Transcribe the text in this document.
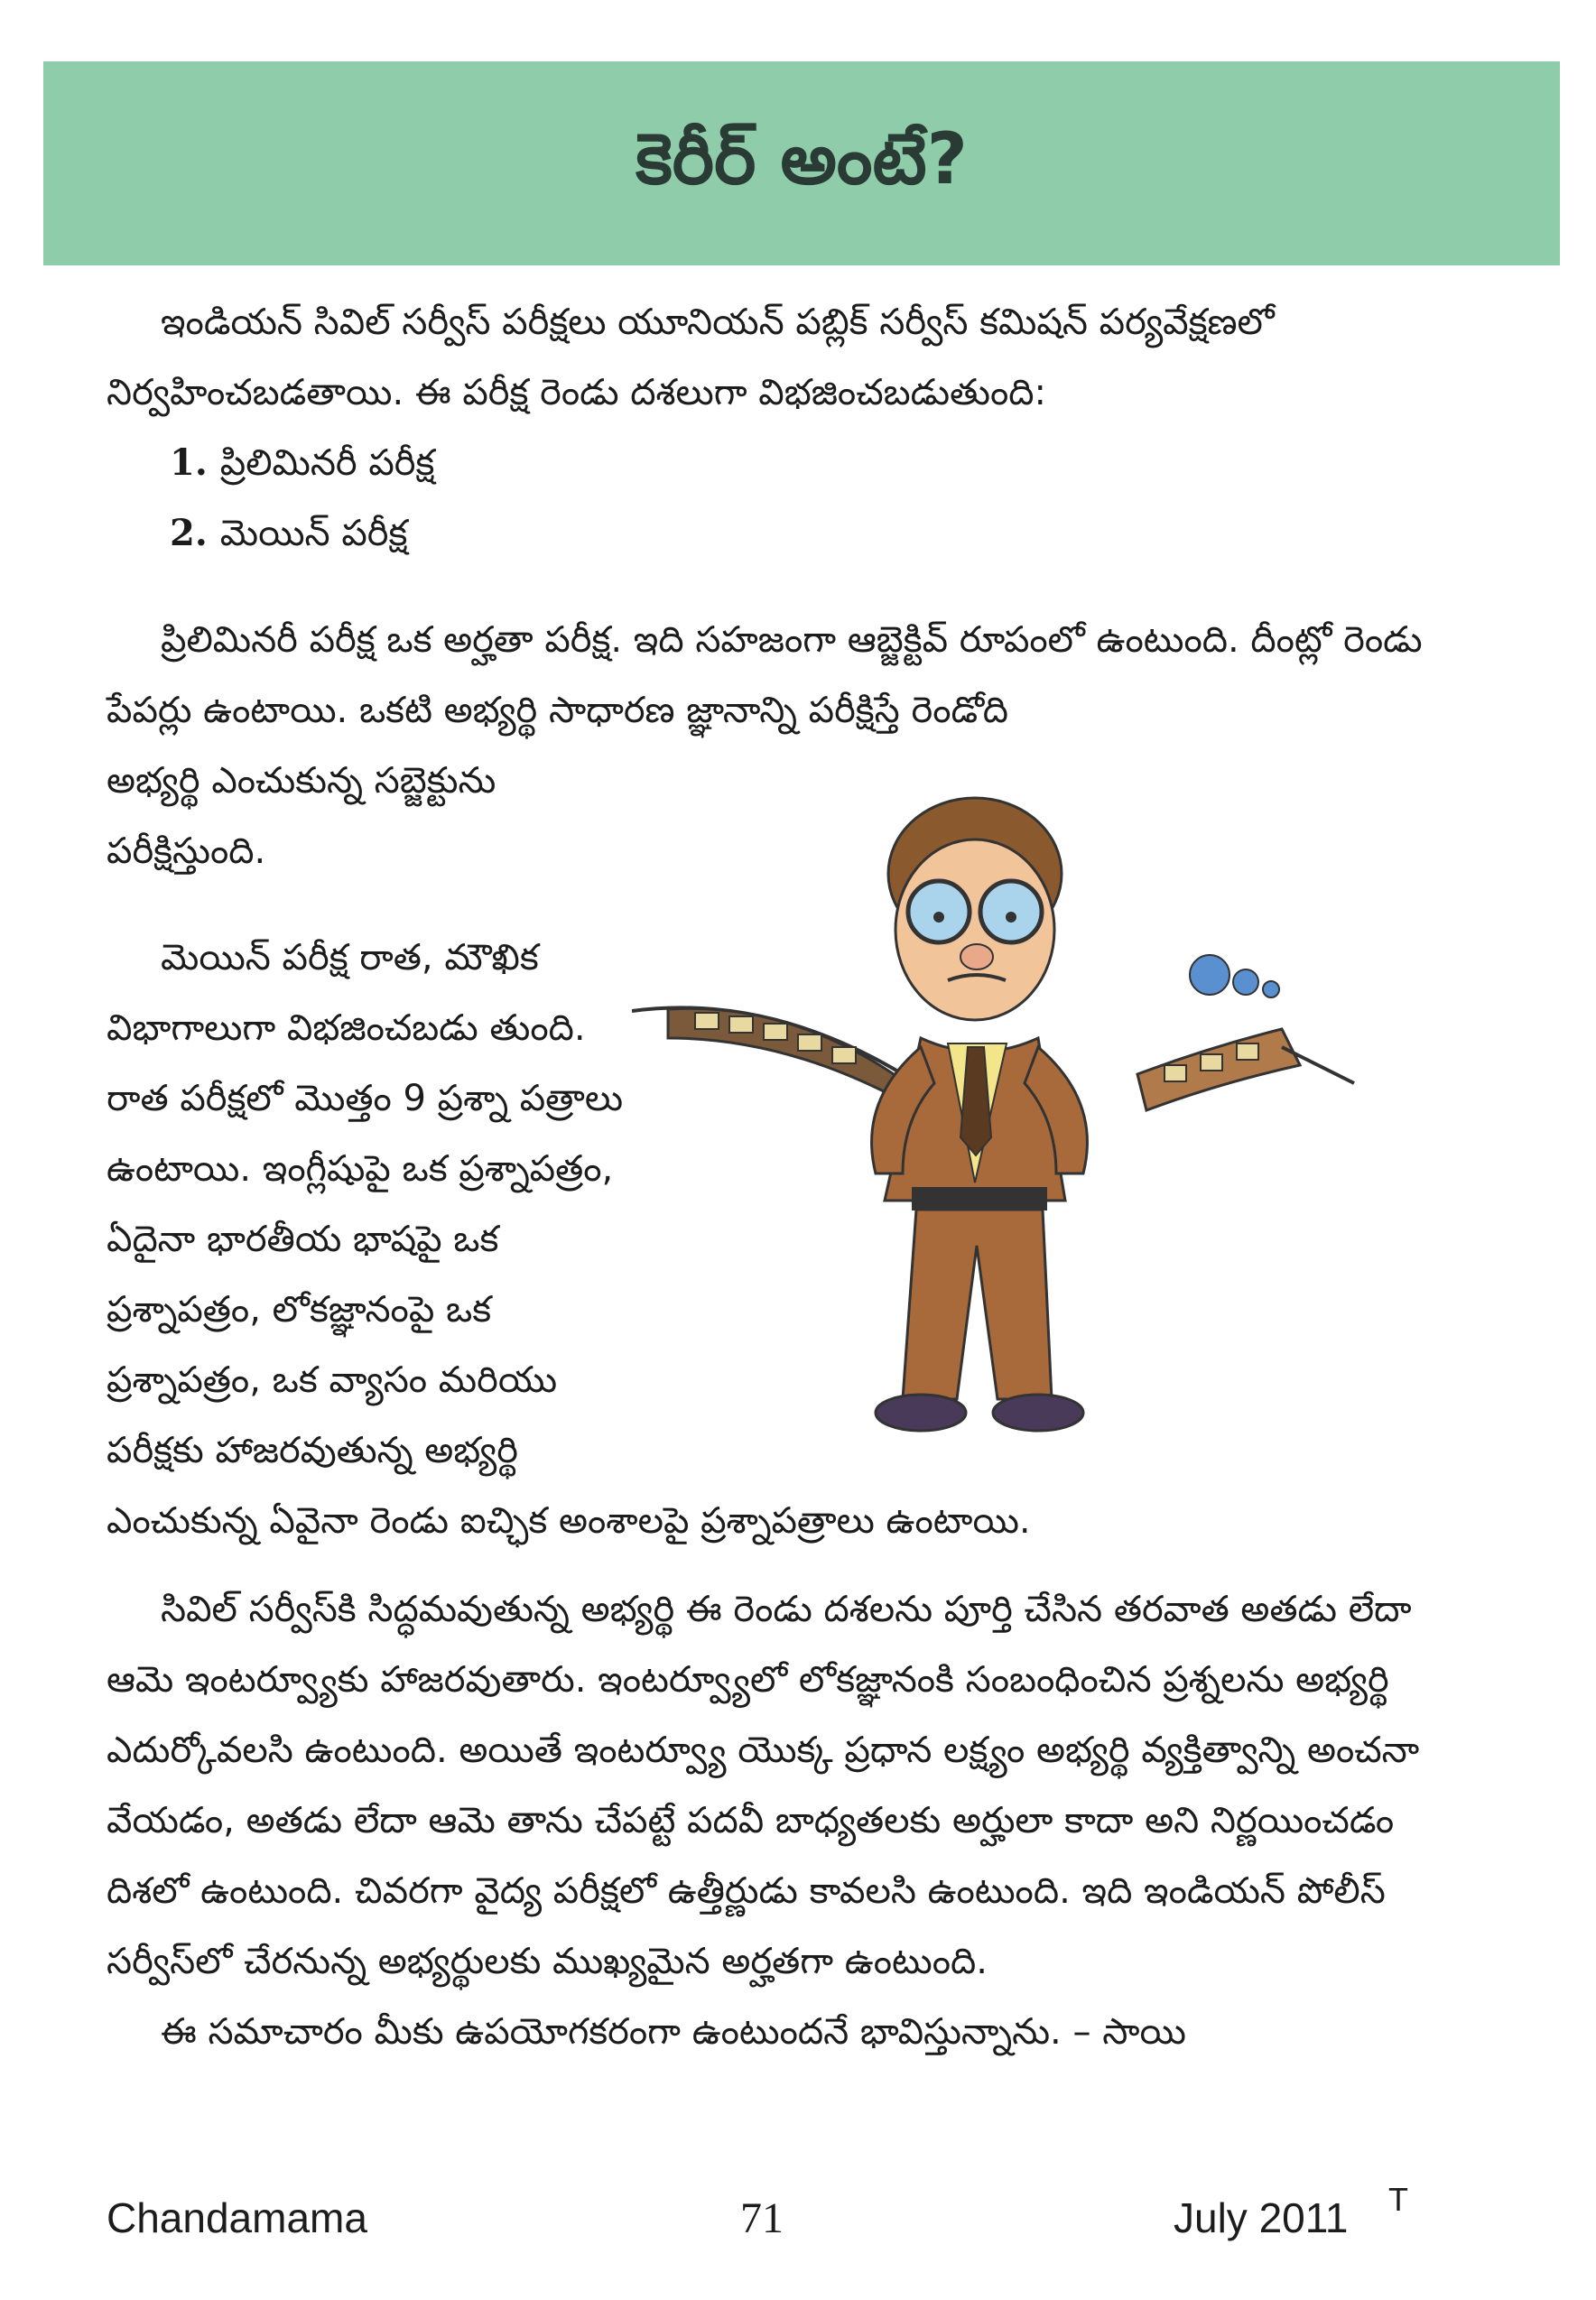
కెరీర్ అంటే?

ఇండియన్ సివిల్ సర్వీస్ పరీక్షలు యూనియన్ పబ్లిక్ సర్వీస్ కమిషన్ పర్యవేక్షణలో నిర్వహించబడతాయి. ఈ పరీక్ష రెండు దశలుగా విభజించబడుతుంది:

1. ప్రిలిమినరీ పరీక్ష
2. మెయిన్ పరీక్ష

ప్రిలిమినరీ పరీక్ష ఒక అర్హతా పరీక్ష. ఇది సహజంగా ఆబ్జెక్టివ్ రూపంలో ఉంటుంది. దీంట్లో రెండు పేపర్లు ఉంటాయి. ఒకటి అభ్యర్థి సాధారణ జ్ఞానాన్ని పరీక్షిస్తే రెండోది

అభ్యర్థి ఎంచుకున్న సబ్జెక్టును పరీక్షిస్తుంది.

మెయిన్ పరీక్ష రాత, మౌఖిక విభాగాలుగా విభజించబడు తుంది. రాత పరీక్షలో మొత్తం 9 ప్రశ్నా పత్రాలు ఉంటాయి. ఇంగ్లీషుపై ఒక ప్రశ్నాపత్రం, ఏదైనా భారతీయ భాషపై ఒక ప్రశ్నాపత్రం, లోకజ్ఞానంపై ఒక ప్రశ్నాపత్రం, ఒక వ్యాసం మరియు పరీక్షకు హాజరవుతున్న అభ్యర్థి

ఎంచుకున్న ఏవైనా రెండు ఐచ్ఛిక అంశాలపై ప్రశ్నాపత్రాలు ఉంటాయి.

సివిల్ సర్వీస్‌కి సిద్ధమవుతున్న అభ్యర్థి ఈ రెండు దశలను పూర్తి చేసిన తరవాత అతడు లేదా ఆమె ఇంటర్వ్యూకు హాజరవుతారు. ఇంటర్వ్యూలో లోకజ్ఞానంకి సంబంధించిన ప్రశ్నలను అభ్యర్థి ఎదుర్కోవలసి ఉంటుంది. అయితే ఇంటర్వ్యూ యొక్క ప్రధాన లక్ష్యం అభ్యర్థి వ్యక్తిత్వాన్ని అంచనా వేయడం, అతడు లేదా ఆమె తాను చేపట్టే పదవీ బాధ్యతలకు అర్హులా కాదా అని నిర్ణయించడం దిశలో ఉంటుంది. చివరగా వైద్య పరీక్షలో ఉత్తీర్ణుడు కావలసి ఉంటుంది. ఇది ఇండియన్ పోలీస్ సర్వీస్‌లో చేరనున్న అభ్యర్థులకు ముఖ్యమైన అర్హతగా ఉంటుంది.

ఈ సమాచారం మీకు ఉపయోగకరంగా ఉంటుందనే భావిస్తున్నాను. – సాయి

Chandamama	71	July 2011 T
